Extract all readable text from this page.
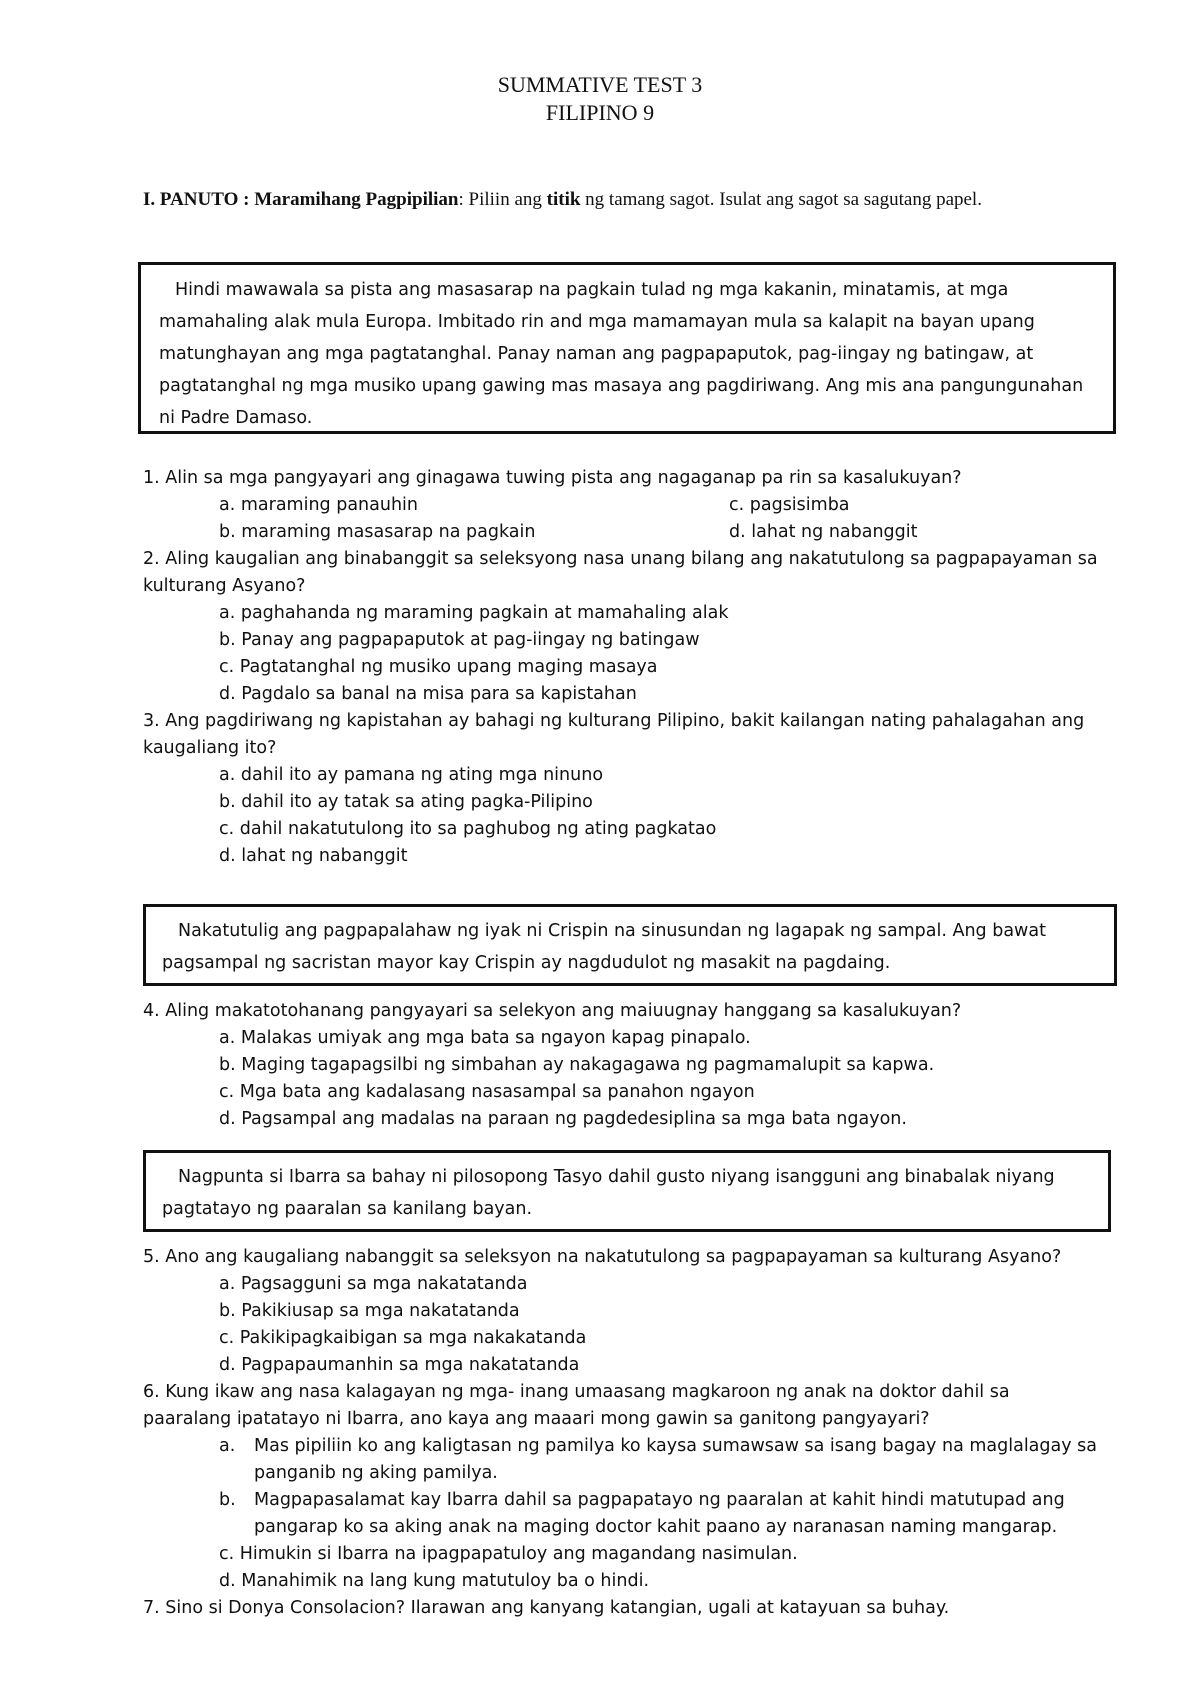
SUMMATIVE TEST 3
FILIPINO 9
I. PANUTO : Maramihang Pagpipilian: Piliin ang titik ng tamang sagot. Isulat ang sagot sa sagutang papel.

Hindi mawawala sa pista ang masasarap na pagkain tulad ng mga kakanin, minatamis, at mga mamahaling alak mula Europa. Imbitado rin and mga mamamayan mula sa kalapit na bayan upang matunghayan ang mga pagtatanghal. Panay naman ang pagpapaputok, pag-iingay ng batingaw, at pagtatanghal ng mga musiko upang gawing mas masaya ang pagdiriwang. Ang mis ana pangungunahan ni Padre Damaso.

1. Alin sa mga pangyayari ang ginagawa tuwing pista ang nagaganap pa rin sa kasalukuyan?

a. maraming panauhin	c. pagsisimba

b. maraming masasarap na pagkain	d. lahat ng nabanggit

2. Aling kaugalian ang binabanggit sa seleksyong nasa unang bilang ang nakatutulong sa pagpapayaman sa kulturang Asyano?

a. paghahanda ng maraming pagkain at mamahaling alak

b. Panay ang pagpapaputok at pag-iingay ng batingaw

c. Pagtatanghal ng musiko upang maging masaya

d. Pagdalo sa banal na misa para sa kapistahan

3. Ang pagdiriwang ng kapistahan ay bahagi ng kulturang Pilipino, bakit kailangan nating pahalagahan ang kaugaliang ito?

a. dahil ito ay pamana ng ating mga ninuno

b. dahil ito ay tatak sa ating pagka-Pilipino

c. dahil nakatutulong ito sa paghubog ng ating pagkatao

d. lahat ng nabanggit

Nakatutulig ang pagpapalahaw ng iyak ni Crispin na sinusundan ng lagapak ng sampal. Ang bawat pagsampal ng sacristan mayor kay Crispin ay nagdudulot ng masakit na pagdaing.

4. Aling makatotohanang pangyayari sa selekyon ang maiuugnay hanggang sa kasalukuyan?

a. Malakas umiyak ang mga bata sa ngayon kapag pinapalo.

b. Maging tagapagsilbi ng simbahan ay nakagagawa ng pagmamalupit sa kapwa.

c. Mga bata ang kadalasang nasasampal sa panahon ngayon

d. Pagsampal ang madalas na paraan ng pagdedesiplina sa mga bata ngayon.

Nagpunta si Ibarra sa bahay ni pilosopong Tasyo dahil gusto niyang isangguni ang binabalak niyang pagtatayo ng paaralan sa kanilang bayan.

5. Ano ang kaugaliang nabanggit sa seleksyon na nakatutulong sa pagpapayaman sa kulturang Asyano?

a. Pagsagguni sa mga nakatatanda

b. Pakikiusap sa mga nakatatanda

c. Pakikipagkaibigan sa mga nakakatanda

d. Pagpapaumanhin sa mga nakatatanda

6. Kung ikaw ang nasa kalagayan ng mga- inang umaasang magkaroon ng anak na doktor dahil sa paaralang ipatatayo ni Ibarra, ano kaya ang maaari mong gawin sa ganitong pangyayari?

a. Mas pipiliin ko ang kaligtasan ng pamilya ko kaysa sumawsaw sa isang bagay na maglalagay sa panganib ng aking pamilya.

b. Magpapasalamat kay Ibarra dahil sa pagpapatayo ng paaralan at kahit hindi matutupad ang pangarap ko sa aking anak na maging doctor kahit paano ay naranasan naming mangarap.

c. Himukin si Ibarra na ipagpapatuloy ang magandang nasimulan.

d. Manahimik na lang kung matutuloy ba o hindi.

7. Sino si Donya Consolacion? Ilarawan ang kanyang katangian, ugali at katayuan sa buhay.
